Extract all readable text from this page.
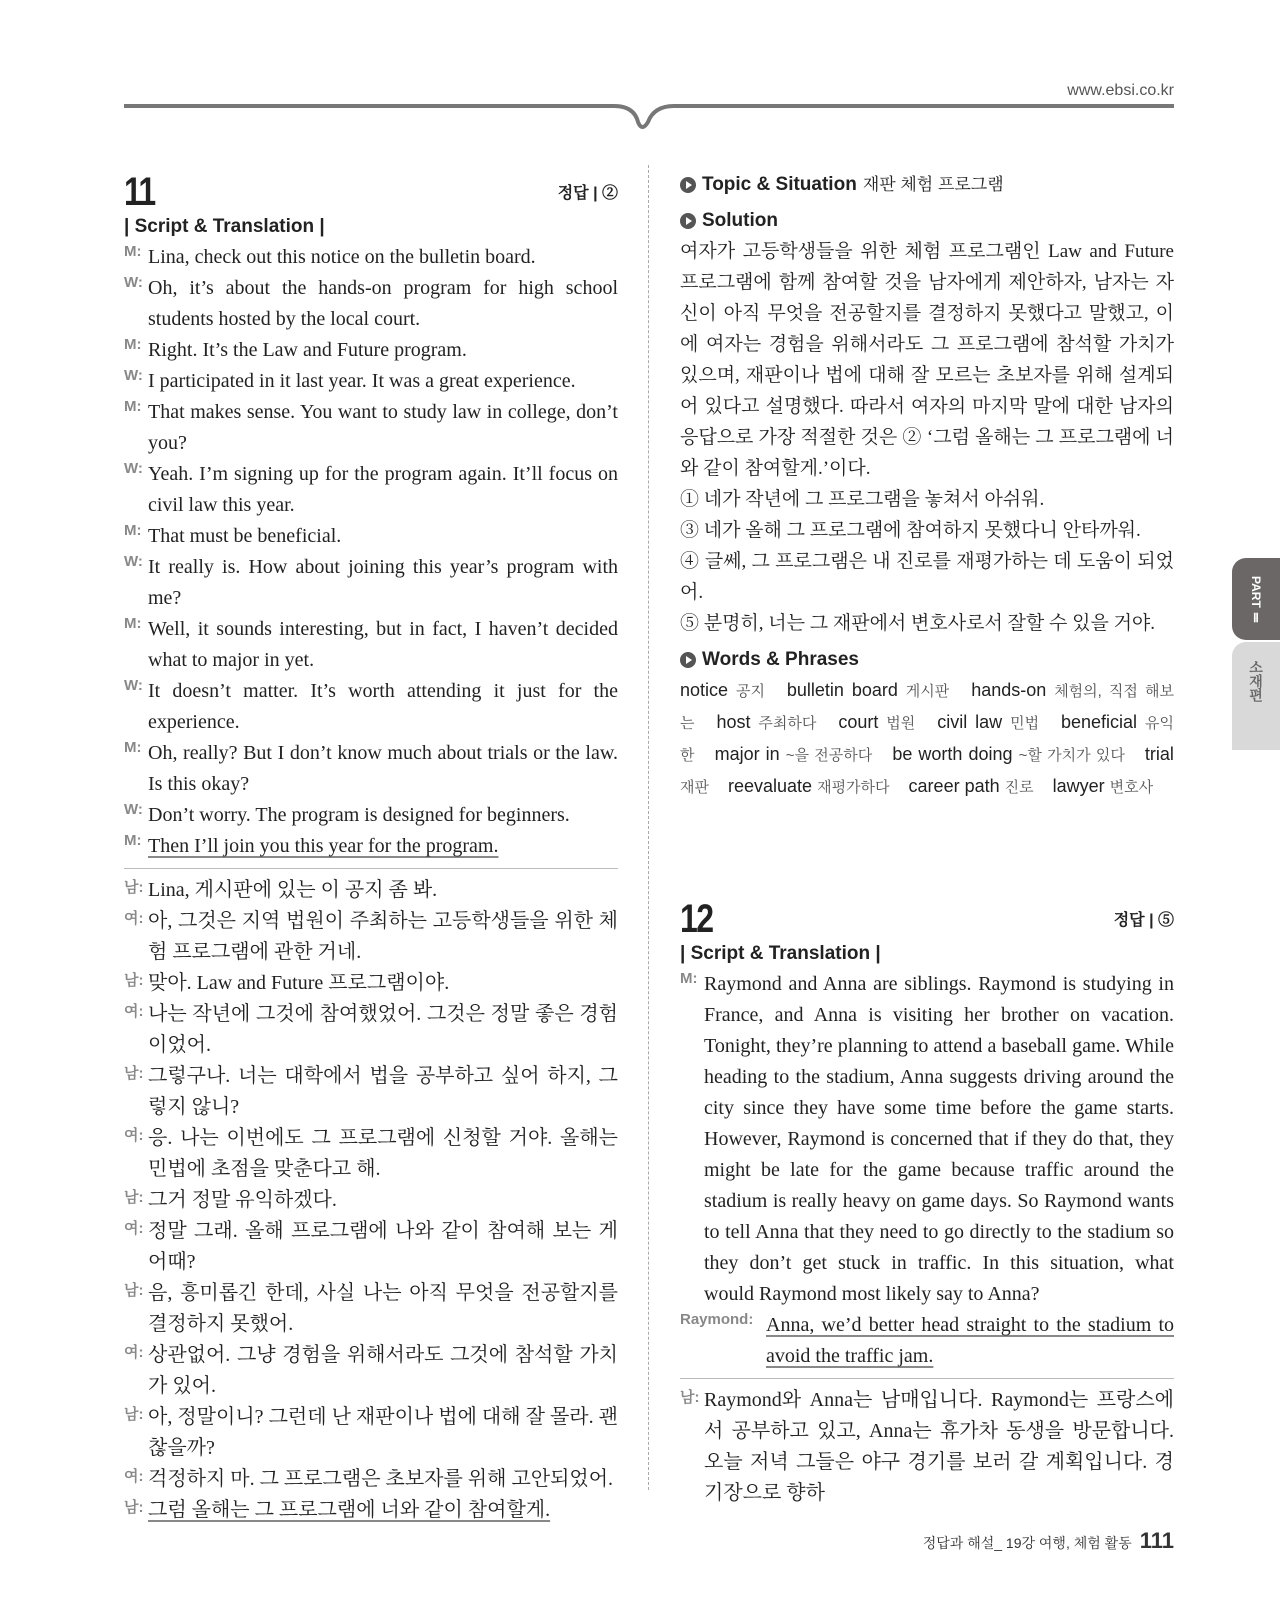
www.ebsi.co.kr
11	정답 | ②
| Script & Translation |
M: Lina, check out this notice on the bulletin board.
W: Oh, it’s about the hands-on program for high school students hosted by the local court.
M: Right. It’s the Law and Future program.
W: I participated in it last year. It was a great experience.
M: That makes sense. You want to study law in college, don’t you?
W: Yeah. I’m signing up for the program again. It’ll focus on civil law this year.
M: That must be beneficial.
W: It really is. How about joining this year’s program with me?
M: Well, it sounds interesting, but in fact, I haven’t decided what to major in yet.
W: It doesn’t matter. It’s worth attending it just for the experience.
M: Oh, really? But I don’t know much about trials or the law. Is this okay?
W: Don’t worry. The program is designed for beginners.
M: Then I’ll join you this year for the program.
남: Lina, 게시판에 있는 이 공지 좀 봐.
여: 아, 그것은 지역 법원이 주최하는 고등학생들을 위한 체험 프로그램에 관한 거네.
남: 맞아. Law and Future 프로그램이야.
여: 나는 작년에 그것에 참여했었어. 그것은 정말 좋은 경험이었어.
남: 그렇구나. 너는 대학에서 법을 공부하고 싶어 하지, 그렇지 않니?
여: 응. 나는 이번에도 그 프로그램에 신청할 거야. 올해는 민법에 초점을 맞춘다고 해.
남: 그거 정말 유익하겠다.
여: 정말 그래. 올해 프로그램에 나와 같이 참여해 보는 게 어때?
남: 음, 흥미롭긴 한데, 사실 나는 아직 무엇을 전공할지를 결정하지 못했어.
여: 상관없어. 그냥 경험을 위해서라도 그것에 참석할 가치가 있어.
남: 아, 정말이니? 그런데 난 재판이나 법에 대해 잘 몰라. 괜찮을까?
여: 걱정하지 마. 그 프로그램은 초보자를 위해 고안되었어.
남: 그럼 올해는 그 프로그램에 너와 같이 참여할게.
Topic & Situation 재판 체험 프로그램
Solution
여자가 고등학생들을 위한 체험 프로그램인 Law and Future 프로그램에 함께 참여할 것을 남자에게 제안하자, 남자는 자신이 아직 무엇을 전공할지를 결정하지 못했다고 말했고, 이에 여자는 경험을 위해서라도 그 프로그램에 참석할 가치가 있으며, 재판이나 법에 대해 잘 모르는 초보자를 위해 설계되어 있다고 설명했다. 따라서 여자의 마지막 말에 대한 남자의 응답으로 가장 적절한 것은 ② ‘그럼 올해는 그 프로그램에 너와 같이 참여할게.’이다.
① 네가 작년에 그 프로그램을 놓쳐서 아쉬워.
③ 네가 올해 그 프로그램에 참여하지 못했다니 안타까워.
④ 글쎄, 그 프로그램은 내 진로를 재평가하는 데 도움이 되었어.
⑤ 분명히, 너는 그 재판에서 변호사로서 잘할 수 있을 거야.
Words & Phrases
notice 공지 bulletin board 게시판 hands-on 체험의, 직접 해보는 host 주최하다 court 법원 civil law 민법 beneficial 유익한 major in ~을 전공하다 be worth doing ~할 가치가 있다 trial 재판 reevaluate 재평가하다 career path 진로 lawyer 변호사
12	정답 | ⑤
| Script & Translation |
M: Raymond and Anna are siblings. Raymond is studying in France, and Anna is visiting her brother on vacation. Tonight, they’re planning to attend a baseball game. While heading to the stadium, Anna suggests driving around the city since they have some time before the game starts. However, Raymond is concerned that if they do that, they might be late for the game because traffic around the stadium is really heavy on game days. So Raymond wants to tell Anna that they need to go directly to the stadium so they don’t get stuck in traffic. In this situation, what would Raymond most likely say to Anna?
Raymond: Anna, we’d better head straight to the stadium to avoid the traffic jam.
남: Raymond와 Anna는 남매입니다. Raymond는 프랑스에서 공부하고 있고, Anna는 휴가차 동생을 방문합니다. 오늘 저녁 그들은 야구 경기를 보러 갈 계획입니다. 경기장으로 향하
PART Ⅱ
소재편
정답과 해설_ 19강 여행, 체험 활동 111
